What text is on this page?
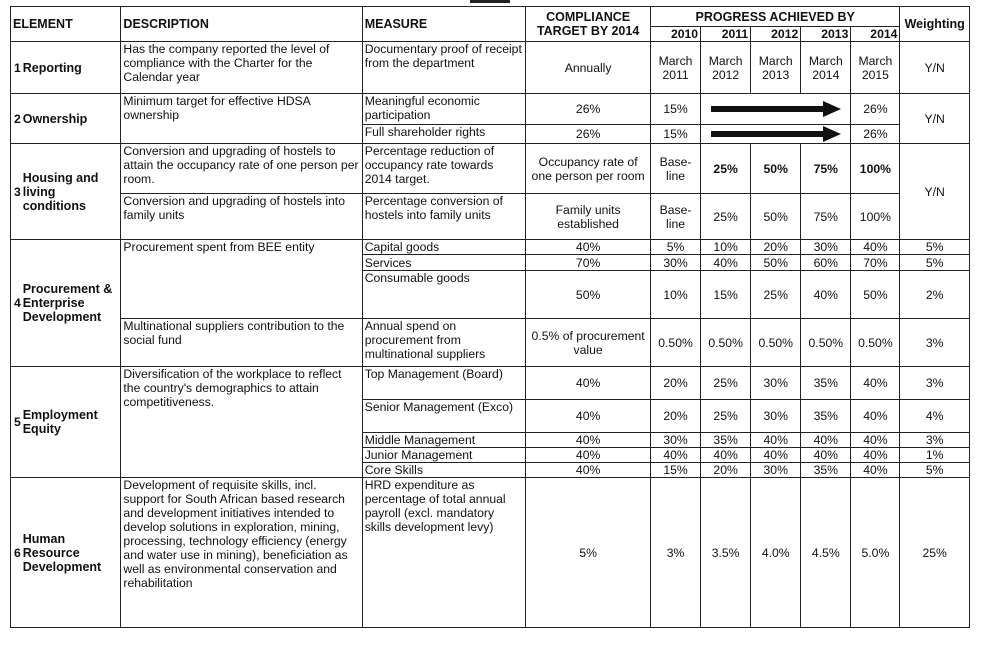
ELEMENT		DESCRIPTION	MEASURE	COMPLIANCE TARGET BY 2014	PROGRESS ACHIEVED BY					Weighting
					2010	2011	2012	2013	2014	
1	Reporting	Has the company reported the level of compliance with the Charter for the Calendar year	Documentary proof of receipt from the department	Annually	March 2011	March 2012	March 2013	March 2014	March 2015	Y/N
2	Ownership	Minimum target for effective HDSA ownership	Meaningful economic participation	26%	15%				26%	Y/N
			Full shareholder rights	26%	15%				26%	
3	Housing and living conditions	Conversion and upgrading of hostels to attain the occupancy rate of one person per room.	Percentage reduction of occupancy rate towards 2014 target.	Occupancy rate of one person per room	Base-line	25%	50%	75%	100%	Y/N
		Conversion and upgrading of hostels into family units	Percentage conversion of hostels into family units	Family units established	Base-line	25%	50%	75%	100%	
4	Procurement & Enterprise Development	Procurement spent from BEE entity	Capital goods	40%	5%	10%	20%	30%	40%	5%
			Services	70%	30%	40%	50%	60%	70%	5%
			Consumable goods	50%	10%	15%	25%	40%	50%	2%
		Multinational suppliers contribution to the social fund	Annual spend on procurement from multinational suppliers	0.5% of procurement value	0.50%	0.50%	0.50%	0.50%	0.50%	3%
5	Employment Equity	Diversification of the workplace to reflect the country's demographics to attain competitiveness.	Top Management (Board)	40%	20%	25%	30%	35%	40%	3%
			Senior Management (Exco)	40%	20%	25%	30%	35%	40%	4%
			Middle Management	40%	30%	35%	40%	40%	40%	3%
			Junior Management	40%	40%	40%	40%	40%	40%	1%
			Core Skills	40%	15%	20%	30%	35%	40%	5%
6	Human Resource Development	Development of requisite skills, incl. support for South African based research and development initiatives intended to develop solutions in exploration, mining, processing, technology efficiency (energy and water use in mining), beneficiation as well as environmental conservation and rehabilitation	HRD expenditure as percentage of total annual payroll (excl. mandatory skills development levy)	5%	3%	3.5%	4.0%	4.5%	5.0%	25%
